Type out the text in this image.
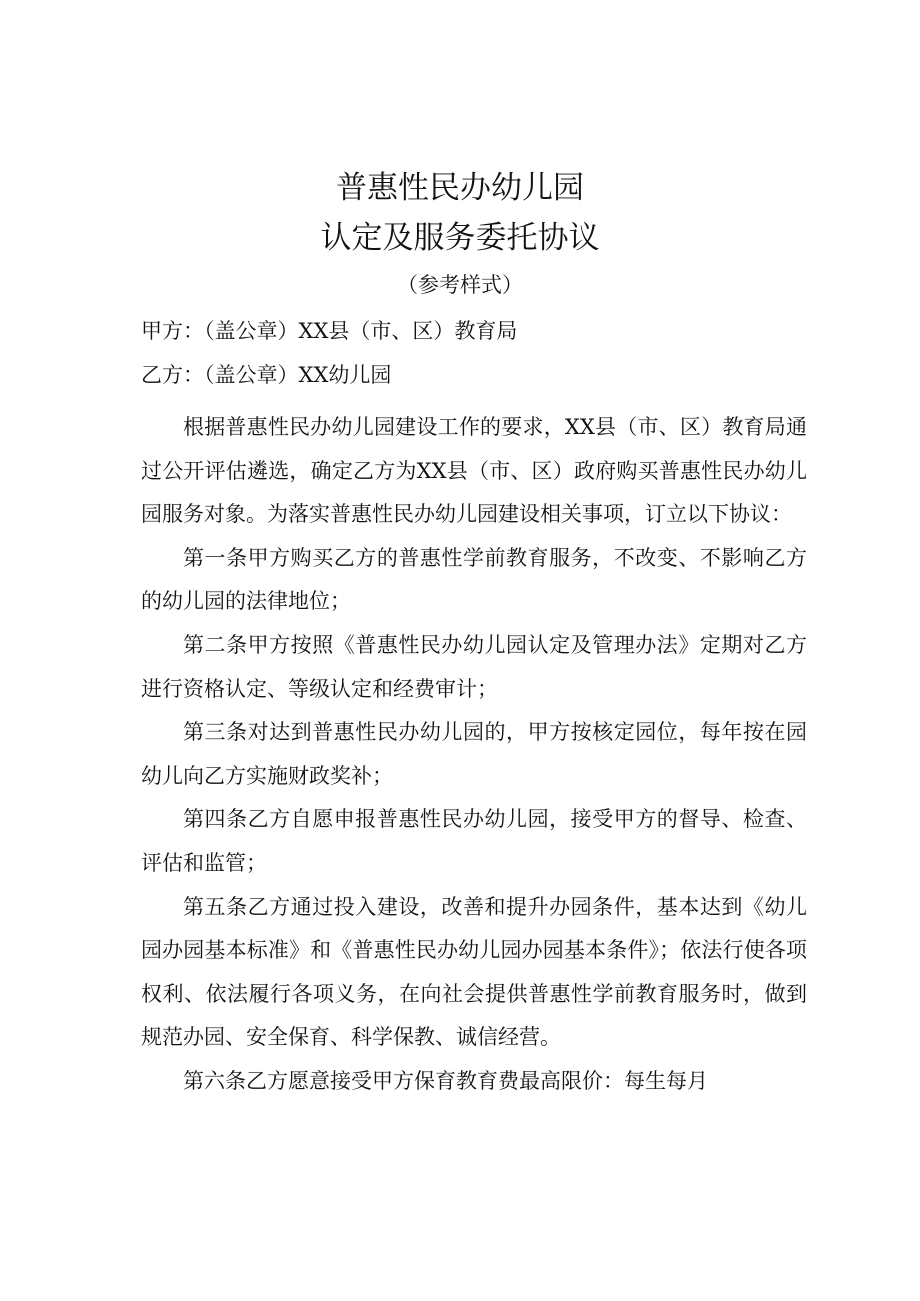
普惠性民办幼儿园
认定及服务委托协议
（参考样式）
甲方：（盖公章）XX县（市、区）教育局
乙方：（盖公章）XX幼儿园

根据普惠性民办幼儿园建设工作的要求，XX县（市、区）教育局通过公开评估遴选，确定乙方为XX县（市、区）政府购买普惠性民办幼儿园服务对象。为落实普惠性民办幼儿园建设相关事项，订立以下协议：

第一条甲方购买乙方的普惠性学前教育服务，不改变、不影响乙方的幼儿园的法律地位；

第二条甲方按照《普惠性民办幼儿园认定及管理办法》定期对乙方进行资格认定、等级认定和经费审计；

第三条对达到普惠性民办幼儿园的，甲方按核定园位，每年按在园幼儿向乙方实施财政奖补；

第四条乙方自愿申报普惠性民办幼儿园，接受甲方的督导、检查、评估和监管；

第五条乙方通过投入建设，改善和提升办园条件，基本达到《幼儿园办园基本标准》和《普惠性民办幼儿园办园基本条件》；依法行使各项权利、依法履行各项义务，在向社会提供普惠性学前教育服务时，做到规范办园、安全保育、科学保教、诚信经营。

第六条乙方愿意接受甲方保育教育费最高限价：每生每月
